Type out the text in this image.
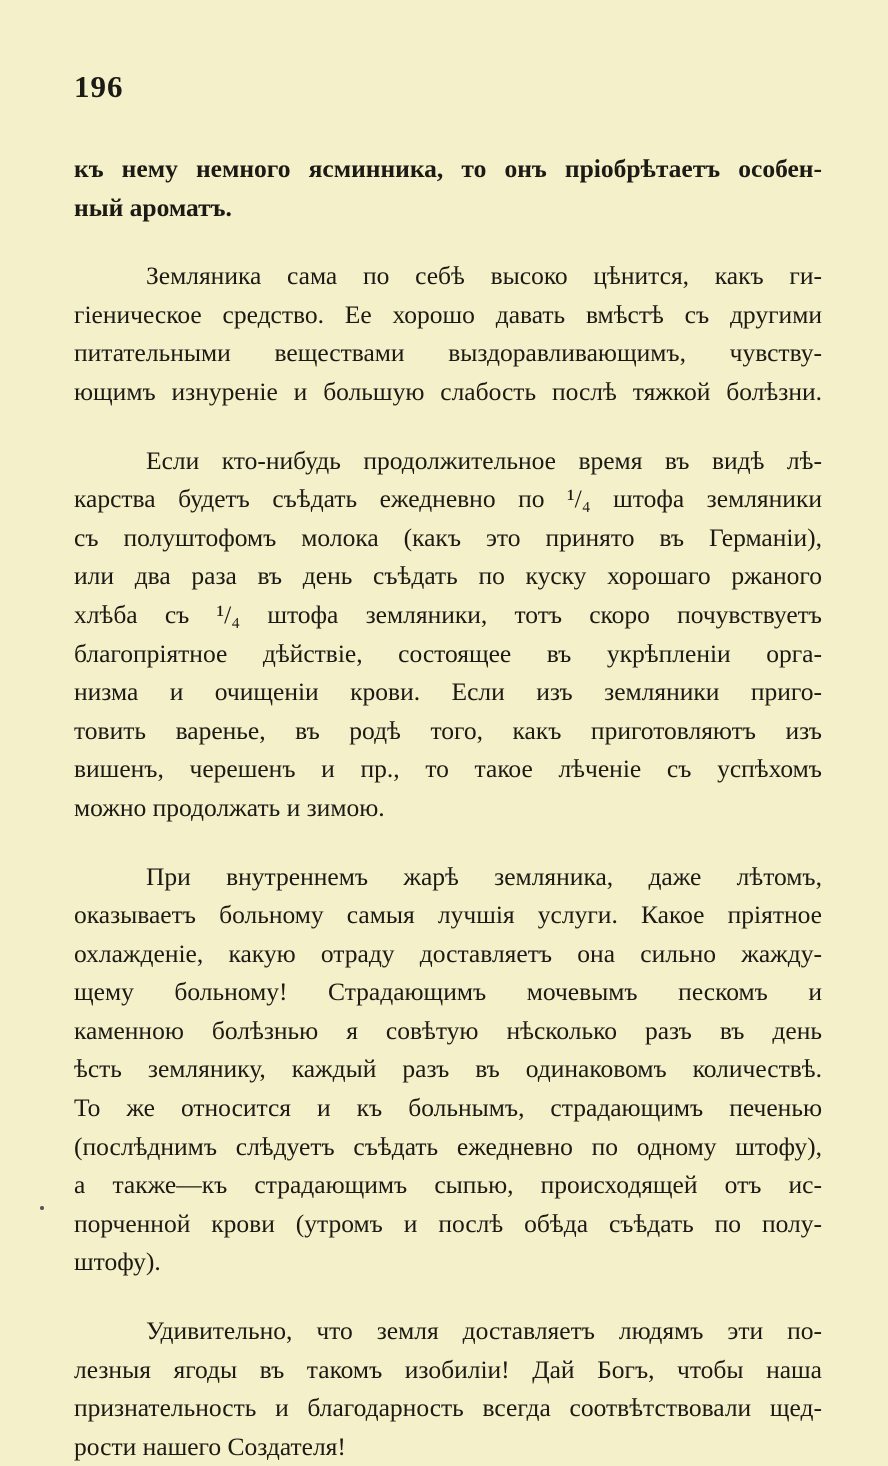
196
къ нему немного ясминника, то онъ пріобрѣтаетъ особен-
ный ароматъ.
Земляника сама по себѣ высоко цѣнится, какъ ги-
гіеническое средство. Ее хорошо давать вмѣстѣ съ другими
питательными веществами выздоравливающимъ, чувству-
ющимъ изнуреніе и большую слабость послѣ тяжкой болѣзни.
Если кто-нибудь продолжительное время въ видѣ лѣ-
карства будетъ съѣдать ежедневно по ¹/₄ штофа земляники
съ полуштофомъ молока (какъ это принято въ Германіи),
или два раза въ день съѣдать по куску хорошаго ржаного
хлѣба съ ¹/₄ штофа земляники, тотъ скоро почувствуетъ
благопріятное дѣйствіе, состоящее въ укрѣпленіи орга-
низма и очищеніи крови. Если изъ земляники приго-
товить варенье, въ родѣ того, какъ приготовляютъ изъ
вишенъ, черешенъ и пр., то такое лѣченіе съ успѣхомъ
можно продолжать и зимою.
При внутреннемъ жарѣ земляника, даже лѣтомъ,
оказываетъ больному самыя лучшія услуги. Какое пріятное
охлажденіе, какую отраду доставляетъ она сильно жажду-
щему больному! Страдающимъ мочевымъ пескомъ и
каменною болѣзнью я совѣтую нѣсколько разъ въ день
ѣсть землянику, каждый разъ въ одинаковомъ количествѣ.
То же относится и къ больнымъ, страдающимъ печенью
(послѣднимъ слѣдуетъ съѣдать ежедневно по одному штофу),
а также—къ страдающимъ сыпью, происходящей отъ ис-
порченной крови (утромъ и послѣ обѣда съѣдать по полу-
штофу).
Удивительно, что земля доставляетъ людямъ эти по-
лезныя ягоды въ такомъ изобиліи! Дай Богъ, чтобы наша
признательность и благодарность всегда соотвѣтствовали щед-
рости нашего Создателя!
